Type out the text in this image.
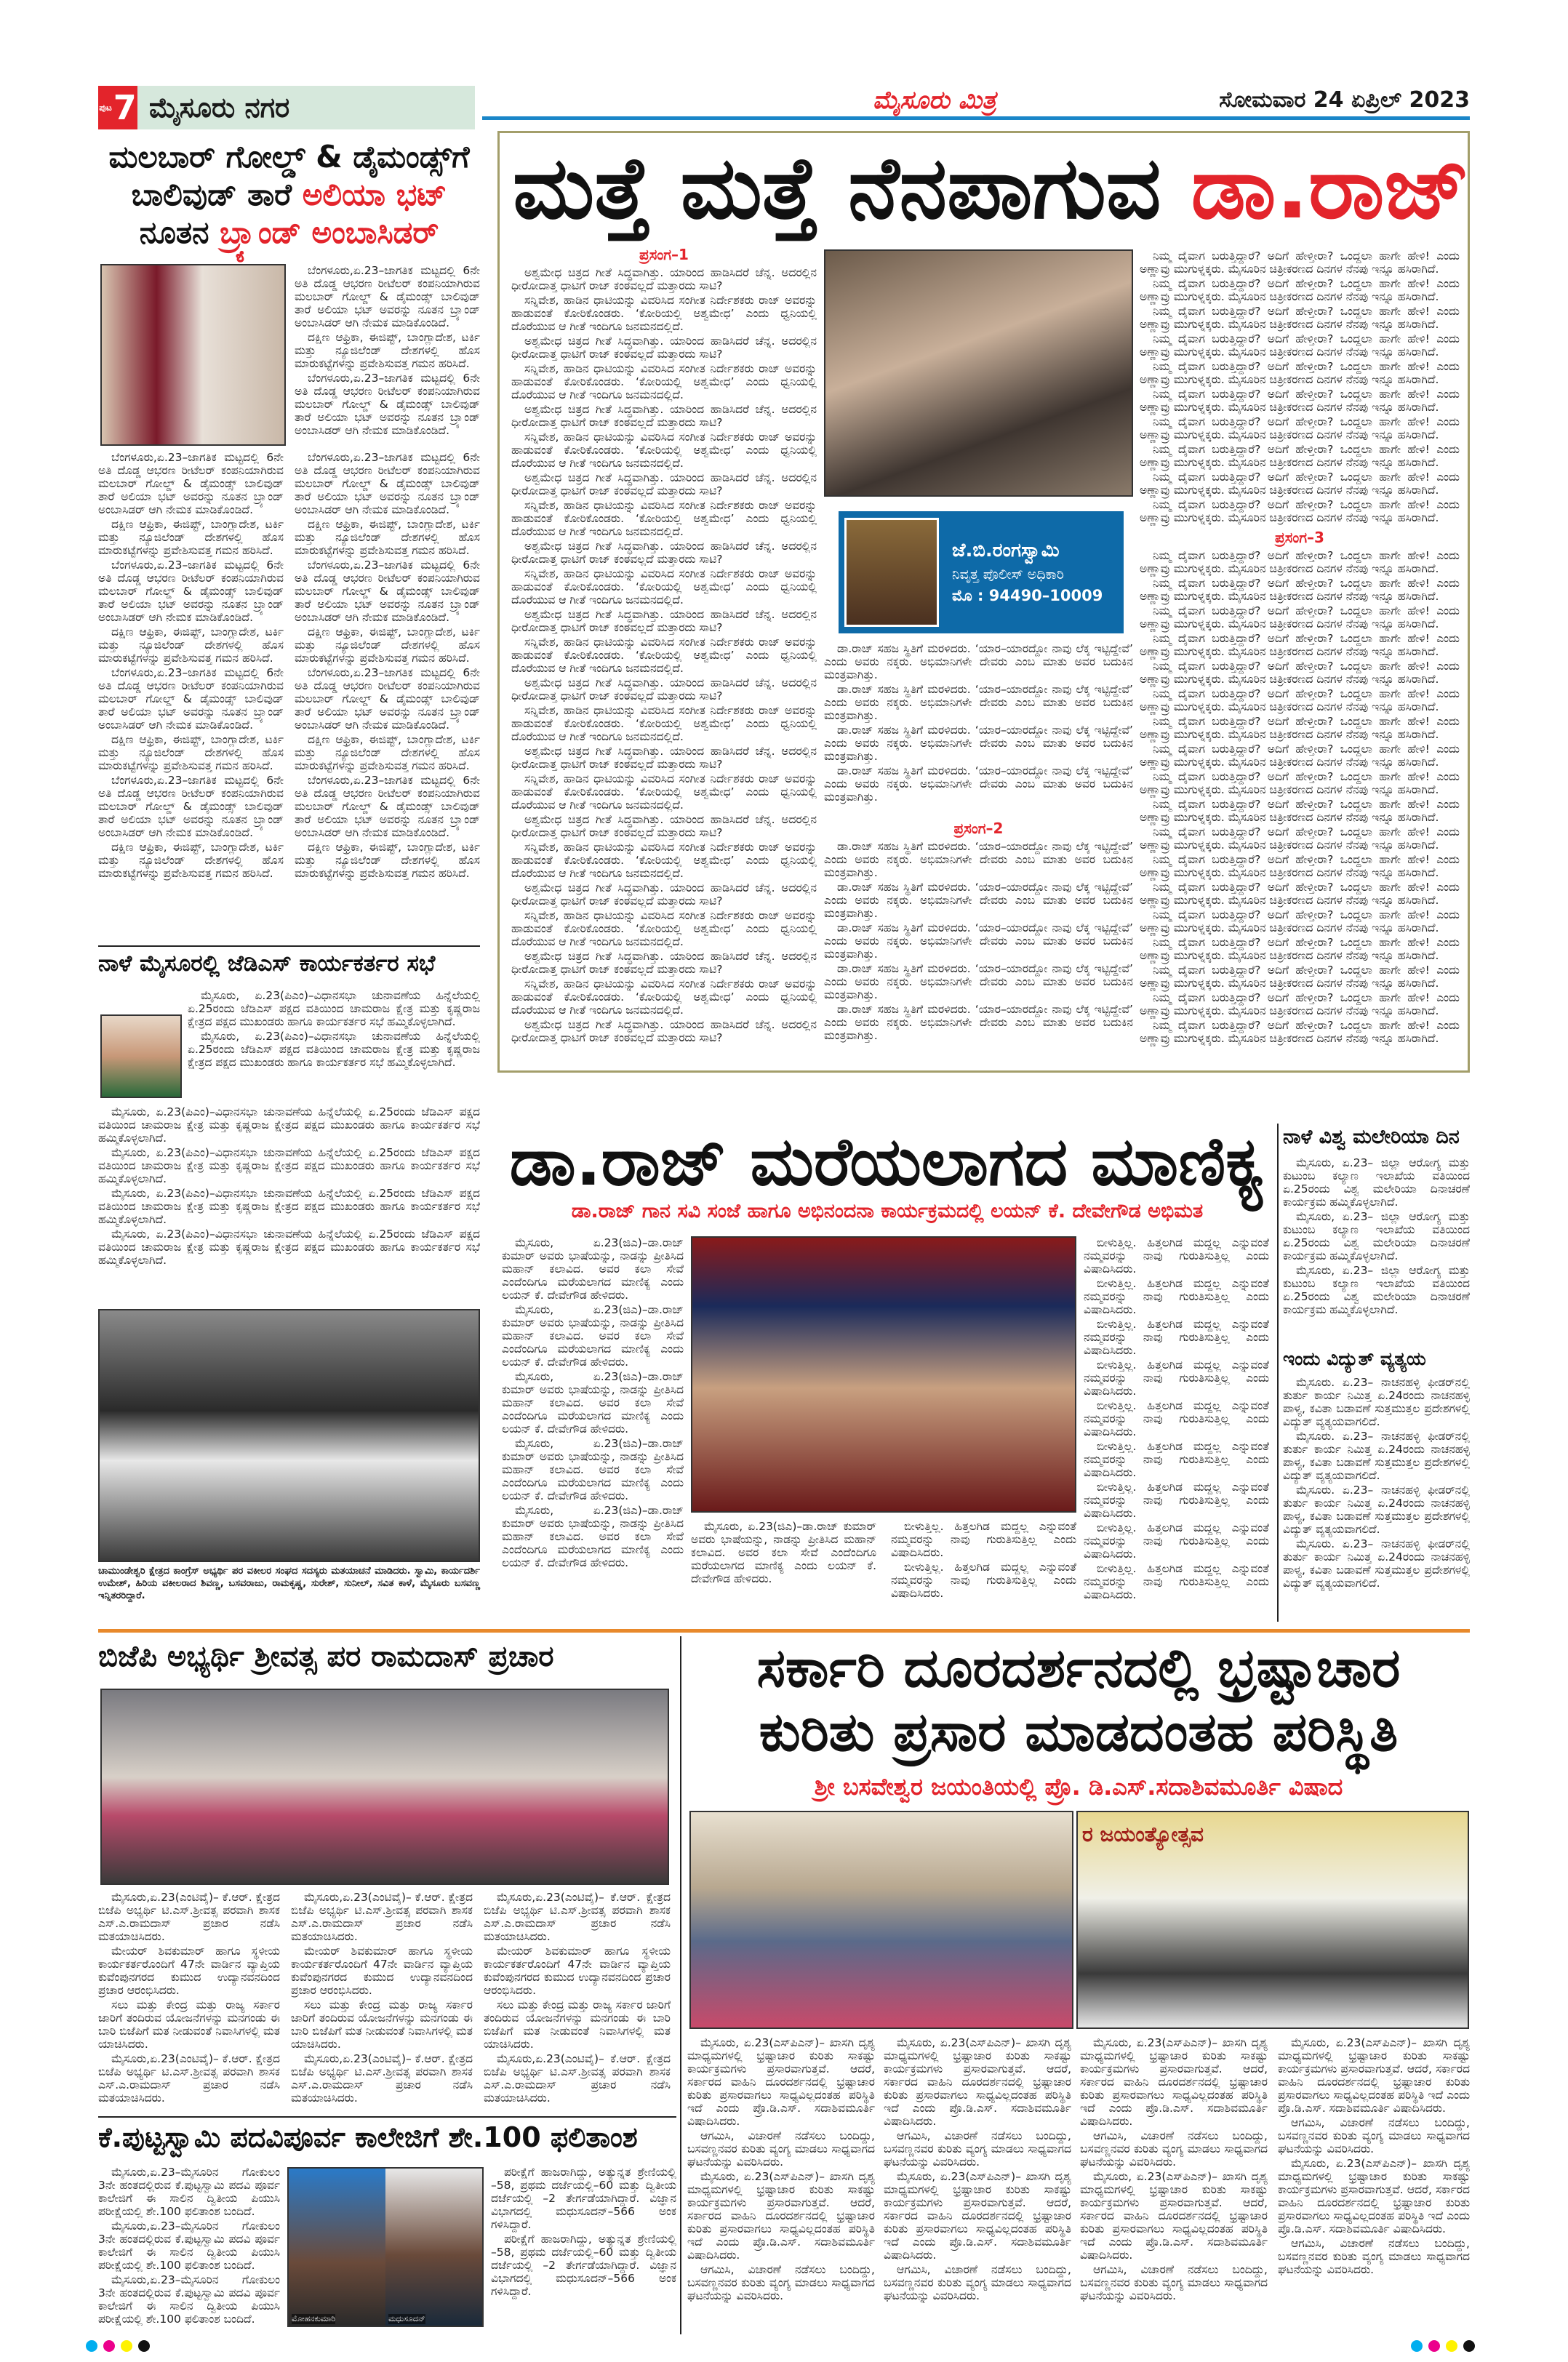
ಪುಟ 7 ಮೈಸೂರು ನಗರ	ಮೈಸೂರು ಮಿತ್ರ	ಸೋಮವಾರ 24 ಏಪ್ರಿಲ್ 2023
ಮತ್ತೆ ಮತ್ತೆ ನೆನಪಾಗುವ ಡಾ.ರಾಜ್
ಪ್ರಸಂಗ–1

ಅಶ್ವಮೇಧ ಚಿತ್ರದ ಗೀತೆ ಸಿದ್ಧವಾಗಿತ್ತು. ಯಾರಿಂದ ಹಾಡಿಸಿದರೆ ಚೆನ್ನ. ಅದರಲ್ಲಿನ ಧೀರೋದಾತ್ತ ಧಾಟಿಗೆ ರಾಜ್ ಕಂಠವಲ್ಲದೆ ಮತ್ತಾರದು ಸಾಟಿ?

ಸನ್ನಿವೇಶ, ಹಾಡಿನ ಧಾಟಿಯನ್ನು ವಿವರಿಸಿದ ಸಂಗೀತ ನಿರ್ದೇಶಕರು ರಾಜ್ ಅವರನ್ನು ಹಾಡುವಂತೆ ಕೋರಿಕೊಂಡರು. ‘ಕೋರಿಯಲ್ಲಿ ಅಶ್ವಮೇಧ’ ಎಂದು ಧ್ವನಿಯಲ್ಲಿ ದೊರೆಯುವ ಆ ಗೀತೆ ಇಂದಿಗೂ ಜನಮನದಲ್ಲಿದೆ.

ಅಶ್ವಮೇಧ ಚಿತ್ರದ ಗೀತೆ ಸಿದ್ಧವಾಗಿತ್ತು. ಯಾರಿಂದ ಹಾಡಿಸಿದರೆ ಚೆನ್ನ. ಅದರಲ್ಲಿನ ಧೀರೋದಾತ್ತ ಧಾಟಿಗೆ ರಾಜ್ ಕಂಠವಲ್ಲದೆ ಮತ್ತಾರದು ಸಾಟಿ?

ಸನ್ನಿವೇಶ, ಹಾಡಿನ ಧಾಟಿಯನ್ನು ವಿವರಿಸಿದ ಸಂಗೀತ ನಿರ್ದೇಶಕರು ರಾಜ್ ಅವರನ್ನು ಹಾಡುವಂತೆ ಕೋರಿಕೊಂಡರು. ‘ಕೋರಿಯಲ್ಲಿ ಅಶ್ವಮೇಧ’ ಎಂದು ಧ್ವನಿಯಲ್ಲಿ ದೊರೆಯುವ ಆ ಗೀತೆ ಇಂದಿಗೂ ಜನಮನದಲ್ಲಿದೆ.

ಅಶ್ವಮೇಧ ಚಿತ್ರದ ಗೀತೆ ಸಿದ್ಧವಾಗಿತ್ತು. ಯಾರಿಂದ ಹಾಡಿಸಿದರೆ ಚೆನ್ನ. ಅದರಲ್ಲಿನ ಧೀರೋದಾತ್ತ ಧಾಟಿಗೆ ರಾಜ್ ಕಂಠವಲ್ಲದೆ ಮತ್ತಾರದು ಸಾಟಿ?

ಸನ್ನಿವೇಶ, ಹಾಡಿನ ಧಾಟಿಯನ್ನು ವಿವರಿಸಿದ ಸಂಗೀತ ನಿರ್ದೇಶಕರು ರಾಜ್ ಅವರನ್ನು ಹಾಡುವಂತೆ ಕೋರಿಕೊಂಡರು. ‘ಕೋರಿಯಲ್ಲಿ ಅಶ್ವಮೇಧ’ ಎಂದು ಧ್ವನಿಯಲ್ಲಿ ದೊರೆಯುವ ಆ ಗೀತೆ ಇಂದಿಗೂ ಜನಮನದಲ್ಲಿದೆ.

ಅಶ್ವಮೇಧ ಚಿತ್ರದ ಗೀತೆ ಸಿದ್ಧವಾಗಿತ್ತು. ಯಾರಿಂದ ಹಾಡಿಸಿದರೆ ಚೆನ್ನ. ಅದರಲ್ಲಿನ ಧೀರೋದಾತ್ತ ಧಾಟಿಗೆ ರಾಜ್ ಕಂಠವಲ್ಲದೆ ಮತ್ತಾರದು ಸಾಟಿ?

ಸನ್ನಿವೇಶ, ಹಾಡಿನ ಧಾಟಿಯನ್ನು ವಿವರಿಸಿದ ಸಂಗೀತ ನಿರ್ದೇಶಕರು ರಾಜ್ ಅವರನ್ನು ಹಾಡುವಂತೆ ಕೋರಿಕೊಂಡರು. ‘ಕೋರಿಯಲ್ಲಿ ಅಶ್ವಮೇಧ’ ಎಂದು ಧ್ವನಿಯಲ್ಲಿ ದೊರೆಯುವ ಆ ಗೀತೆ ಇಂದಿಗೂ ಜನಮನದಲ್ಲಿದೆ.

ಅಶ್ವಮೇಧ ಚಿತ್ರದ ಗೀತೆ ಸಿದ್ಧವಾಗಿತ್ತು. ಯಾರಿಂದ ಹಾಡಿಸಿದರೆ ಚೆನ್ನ. ಅದರಲ್ಲಿನ ಧೀರೋದಾತ್ತ ಧಾಟಿಗೆ ರಾಜ್ ಕಂಠವಲ್ಲದೆ ಮತ್ತಾರದು ಸಾಟಿ?

ಸನ್ನಿವೇಶ, ಹಾಡಿನ ಧಾಟಿಯನ್ನು ವಿವರಿಸಿದ ಸಂಗೀತ ನಿರ್ದೇಶಕರು ರಾಜ್ ಅವರನ್ನು ಹಾಡುವಂತೆ ಕೋರಿಕೊಂಡರು. ‘ಕೋರಿಯಲ್ಲಿ ಅಶ್ವಮೇಧ’ ಎಂದು ಧ್ವನಿಯಲ್ಲಿ ದೊರೆಯುವ ಆ ಗೀತೆ ಇಂದಿಗೂ ಜನಮನದಲ್ಲಿದೆ.

ಅಶ್ವಮೇಧ ಚಿತ್ರದ ಗೀತೆ ಸಿದ್ಧವಾಗಿತ್ತು. ಯಾರಿಂದ ಹಾಡಿಸಿದರೆ ಚೆನ್ನ. ಅದರಲ್ಲಿನ ಧೀರೋದಾತ್ತ ಧಾಟಿಗೆ ರಾಜ್ ಕಂಠವಲ್ಲದೆ ಮತ್ತಾರದು ಸಾಟಿ?

ಸನ್ನಿವೇಶ, ಹಾಡಿನ ಧಾಟಿಯನ್ನು ವಿವರಿಸಿದ ಸಂಗೀತ ನಿರ್ದೇಶಕರು ರಾಜ್ ಅವರನ್ನು ಹಾಡುವಂತೆ ಕೋರಿಕೊಂಡರು. ‘ಕೋರಿಯಲ್ಲಿ ಅಶ್ವಮೇಧ’ ಎಂದು ಧ್ವನಿಯಲ್ಲಿ ದೊರೆಯುವ ಆ ಗೀತೆ ಇಂದಿಗೂ ಜನಮನದಲ್ಲಿದೆ.

ಅಶ್ವಮೇಧ ಚಿತ್ರದ ಗೀತೆ ಸಿದ್ಧವಾಗಿತ್ತು. ಯಾರಿಂದ ಹಾಡಿಸಿದರೆ ಚೆನ್ನ. ಅದರಲ್ಲಿನ ಧೀರೋದಾತ್ತ ಧಾಟಿಗೆ ರಾಜ್ ಕಂಠವಲ್ಲದೆ ಮತ್ತಾರದು ಸಾಟಿ?

ಸನ್ನಿವೇಶ, ಹಾಡಿನ ಧಾಟಿಯನ್ನು ವಿವರಿಸಿದ ಸಂಗೀತ ನಿರ್ದೇಶಕರು ರಾಜ್ ಅವರನ್ನು ಹಾಡುವಂತೆ ಕೋರಿಕೊಂಡರು. ‘ಕೋರಿಯಲ್ಲಿ ಅಶ್ವಮೇಧ’ ಎಂದು ಧ್ವನಿಯಲ್ಲಿ ದೊರೆಯುವ ಆ ಗೀತೆ ಇಂದಿಗೂ ಜನಮನದಲ್ಲಿದೆ.

ಅಶ್ವಮೇಧ ಚಿತ್ರದ ಗೀತೆ ಸಿದ್ಧವಾಗಿತ್ತು. ಯಾರಿಂದ ಹಾಡಿಸಿದರೆ ಚೆನ್ನ. ಅದರಲ್ಲಿನ ಧೀರೋದಾತ್ತ ಧಾಟಿಗೆ ರಾಜ್ ಕಂಠವಲ್ಲದೆ ಮತ್ತಾರದು ಸಾಟಿ?

ಸನ್ನಿವೇಶ, ಹಾಡಿನ ಧಾಟಿಯನ್ನು ವಿವರಿಸಿದ ಸಂಗೀತ ನಿರ್ದೇಶಕರು ರಾಜ್ ಅವರನ್ನು ಹಾಡುವಂತೆ ಕೋರಿಕೊಂಡರು. ‘ಕೋರಿಯಲ್ಲಿ ಅಶ್ವಮೇಧ’ ಎಂದು ಧ್ವನಿಯಲ್ಲಿ ದೊರೆಯುವ ಆ ಗೀತೆ ಇಂದಿಗೂ ಜನಮನದಲ್ಲಿದೆ.

ಅಶ್ವಮೇಧ ಚಿತ್ರದ ಗೀತೆ ಸಿದ್ಧವಾಗಿತ್ತು. ಯಾರಿಂದ ಹಾಡಿಸಿದರೆ ಚೆನ್ನ. ಅದರಲ್ಲಿನ ಧೀರೋದಾತ್ತ ಧಾಟಿಗೆ ರಾಜ್ ಕಂಠವಲ್ಲದೆ ಮತ್ತಾರದು ಸಾಟಿ?

ಸನ್ನಿವೇಶ, ಹಾಡಿನ ಧಾಟಿಯನ್ನು ವಿವರಿಸಿದ ಸಂಗೀತ ನಿರ್ದೇಶಕರು ರಾಜ್ ಅವರನ್ನು ಹಾಡುವಂತೆ ಕೋರಿಕೊಂಡರು. ‘ಕೋರಿಯಲ್ಲಿ ಅಶ್ವಮೇಧ’ ಎಂದು ಧ್ವನಿಯಲ್ಲಿ ದೊರೆಯುವ ಆ ಗೀತೆ ಇಂದಿಗೂ ಜನಮನದಲ್ಲಿದೆ.

ಅಶ್ವಮೇಧ ಚಿತ್ರದ ಗೀತೆ ಸಿದ್ಧವಾಗಿತ್ತು. ಯಾರಿಂದ ಹಾಡಿಸಿದರೆ ಚೆನ್ನ. ಅದರಲ್ಲಿನ ಧೀರೋದಾತ್ತ ಧಾಟಿಗೆ ರಾಜ್ ಕಂಠವಲ್ಲದೆ ಮತ್ತಾರದು ಸಾಟಿ?

ಸನ್ನಿವೇಶ, ಹಾಡಿನ ಧಾಟಿಯನ್ನು ವಿವರಿಸಿದ ಸಂಗೀತ ನಿರ್ದೇಶಕರು ರಾಜ್ ಅವರನ್ನು ಹಾಡುವಂತೆ ಕೋರಿಕೊಂಡರು. ‘ಕೋರಿಯಲ್ಲಿ ಅಶ್ವಮೇಧ’ ಎಂದು ಧ್ವನಿಯಲ್ಲಿ ದೊರೆಯುವ ಆ ಗೀತೆ ಇಂದಿಗೂ ಜನಮನದಲ್ಲಿದೆ.

ಅಶ್ವಮೇಧ ಚಿತ್ರದ ಗೀತೆ ಸಿದ್ಧವಾಗಿತ್ತು. ಯಾರಿಂದ ಹಾಡಿಸಿದರೆ ಚೆನ್ನ. ಅದರಲ್ಲಿನ ಧೀರೋದಾತ್ತ ಧಾಟಿಗೆ ರಾಜ್ ಕಂಠವಲ್ಲದೆ ಮತ್ತಾರದು ಸಾಟಿ?

ಸನ್ನಿವೇಶ, ಹಾಡಿನ ಧಾಟಿಯನ್ನು ವಿವರಿಸಿದ ಸಂಗೀತ ನಿರ್ದೇಶಕರು ರಾಜ್ ಅವರನ್ನು ಹಾಡುವಂತೆ ಕೋರಿಕೊಂಡರು. ‘ಕೋರಿಯಲ್ಲಿ ಅಶ್ವಮೇಧ’ ಎಂದು ಧ್ವನಿಯಲ್ಲಿ ದೊರೆಯುವ ಆ ಗೀತೆ ಇಂದಿಗೂ ಜನಮನದಲ್ಲಿದೆ.

ಅಶ್ವಮೇಧ ಚಿತ್ರದ ಗೀತೆ ಸಿದ್ಧವಾಗಿತ್ತು. ಯಾರಿಂದ ಹಾಡಿಸಿದರೆ ಚೆನ್ನ. ಅದರಲ್ಲಿನ ಧೀರೋದಾತ್ತ ಧಾಟಿಗೆ ರಾಜ್ ಕಂಠವಲ್ಲದೆ ಮತ್ತಾರದು ಸಾಟಿ?

ಜೆ.ಬಿ.ರಂಗಸ್ವಾಮಿ
ನಿವೃತ್ತ ಪೊಲೀಸ್ ಅಧಿಕಾರಿ
ಮೊ : 94490–10009

ಡಾ.ರಾಜ್ ಸಹಜ ಸ್ಥಿತಿಗೆ ಮರಳಿದರು. ‘ಯಾರ–ಯಾರದ್ದೋ ನಾವು ಲೆಕ್ಕ ಇಟ್ಟಿದ್ದೇವೆ’ ಎಂದು ಅವರು ನಕ್ಕರು. ಅಭಿಮಾನಿಗಳೇ ದೇವರು ಎಂಬ ಮಾತು ಅವರ ಬದುಕಿನ ಮಂತ್ರವಾಗಿತ್ತು.

ಡಾ.ರಾಜ್ ಸಹಜ ಸ್ಥಿತಿಗೆ ಮರಳಿದರು. ‘ಯಾರ–ಯಾರದ್ದೋ ನಾವು ಲೆಕ್ಕ ಇಟ್ಟಿದ್ದೇವೆ’ ಎಂದು ಅವರು ನಕ್ಕರು. ಅಭಿಮಾನಿಗಳೇ ದೇವರು ಎಂಬ ಮಾತು ಅವರ ಬದುಕಿನ ಮಂತ್ರವಾಗಿತ್ತು.

ಡಾ.ರಾಜ್ ಸಹಜ ಸ್ಥಿತಿಗೆ ಮರಳಿದರು. ‘ಯಾರ–ಯಾರದ್ದೋ ನಾವು ಲೆಕ್ಕ ಇಟ್ಟಿದ್ದೇವೆ’ ಎಂದು ಅವರು ನಕ್ಕರು. ಅಭಿಮಾನಿಗಳೇ ದೇವರು ಎಂಬ ಮಾತು ಅವರ ಬದುಕಿನ ಮಂತ್ರವಾಗಿತ್ತು.

ಡಾ.ರಾಜ್ ಸಹಜ ಸ್ಥಿತಿಗೆ ಮರಳಿದರು. ‘ಯಾರ–ಯಾರದ್ದೋ ನಾವು ಲೆಕ್ಕ ಇಟ್ಟಿದ್ದೇವೆ’ ಎಂದು ಅವರು ನಕ್ಕರು. ಅಭಿಮಾನಿಗಳೇ ದೇವರು ಎಂಬ ಮಾತು ಅವರ ಬದುಕಿನ ಮಂತ್ರವಾಗಿತ್ತು.

ಪ್ರಸಂಗ–2

ಡಾ.ರಾಜ್ ಸಹಜ ಸ್ಥಿತಿಗೆ ಮರಳಿದರು. ‘ಯಾರ–ಯಾರದ್ದೋ ನಾವು ಲೆಕ್ಕ ಇಟ್ಟಿದ್ದೇವೆ’ ಎಂದು ಅವರು ನಕ್ಕರು. ಅಭಿಮಾನಿಗಳೇ ದೇವರು ಎಂಬ ಮಾತು ಅವರ ಬದುಕಿನ ಮಂತ್ರವಾಗಿತ್ತು.

ಡಾ.ರಾಜ್ ಸಹಜ ಸ್ಥಿತಿಗೆ ಮರಳಿದರು. ‘ಯಾರ–ಯಾರದ್ದೋ ನಾವು ಲೆಕ್ಕ ಇಟ್ಟಿದ್ದೇವೆ’ ಎಂದು ಅವರು ನಕ್ಕರು. ಅಭಿಮಾನಿಗಳೇ ದೇವರು ಎಂಬ ಮಾತು ಅವರ ಬದುಕಿನ ಮಂತ್ರವಾಗಿತ್ತು.

ಡಾ.ರಾಜ್ ಸಹಜ ಸ್ಥಿತಿಗೆ ಮರಳಿದರು. ‘ಯಾರ–ಯಾರದ್ದೋ ನಾವು ಲೆಕ್ಕ ಇಟ್ಟಿದ್ದೇವೆ’ ಎಂದು ಅವರು ನಕ್ಕರು. ಅಭಿಮಾನಿಗಳೇ ದೇವರು ಎಂಬ ಮಾತು ಅವರ ಬದುಕಿನ ಮಂತ್ರವಾಗಿತ್ತು.

ಡಾ.ರಾಜ್ ಸಹಜ ಸ್ಥಿತಿಗೆ ಮರಳಿದರು. ‘ಯಾರ–ಯಾರದ್ದೋ ನಾವು ಲೆಕ್ಕ ಇಟ್ಟಿದ್ದೇವೆ’ ಎಂದು ಅವರು ನಕ್ಕರು. ಅಭಿಮಾನಿಗಳೇ ದೇವರು ಎಂಬ ಮಾತು ಅವರ ಬದುಕಿನ ಮಂತ್ರವಾಗಿತ್ತು.

ಡಾ.ರಾಜ್ ಸಹಜ ಸ್ಥಿತಿಗೆ ಮರಳಿದರು. ‘ಯಾರ–ಯಾರದ್ದೋ ನಾವು ಲೆಕ್ಕ ಇಟ್ಟಿದ್ದೇವೆ’ ಎಂದು ಅವರು ನಕ್ಕರು. ಅಭಿಮಾನಿಗಳೇ ದೇವರು ಎಂಬ ಮಾತು ಅವರ ಬದುಕಿನ ಮಂತ್ರವಾಗಿತ್ತು.

ನಿಮ್ಮ ದೈವಾಗ ಬರುತ್ತಿದ್ದಾರೆ? ಅದಿಗೆ ಹೇಳ್ತೀರಾ? ಒಂದ್ದಲಾ ಹಾಗೇ ಹೇಳಿ! ಎಂದು ಅಣ್ಣಾವ್ರು ಮುಗುಳ್ನಕ್ಕರು. ಮೈಸೂರಿನ ಚಿತ್ರೀಕರಣದ ದಿನಗಳ ನೆನಪು ಇನ್ನೂ ಹಸಿರಾಗಿದೆ.

ನಿಮ್ಮ ದೈವಾಗ ಬರುತ್ತಿದ್ದಾರೆ? ಅದಿಗೆ ಹೇಳ್ತೀರಾ? ಒಂದ್ದಲಾ ಹಾಗೇ ಹೇಳಿ! ಎಂದು ಅಣ್ಣಾವ್ರು ಮುಗುಳ್ನಕ್ಕರು. ಮೈಸೂರಿನ ಚಿತ್ರೀಕರಣದ ದಿನಗಳ ನೆನಪು ಇನ್ನೂ ಹಸಿರಾಗಿದೆ.

ನಿಮ್ಮ ದೈವಾಗ ಬರುತ್ತಿದ್ದಾರೆ? ಅದಿಗೆ ಹೇಳ್ತೀರಾ? ಒಂದ್ದಲಾ ಹಾಗೇ ಹೇಳಿ! ಎಂದು ಅಣ್ಣಾವ್ರು ಮುಗುಳ್ನಕ್ಕರು. ಮೈಸೂರಿನ ಚಿತ್ರೀಕರಣದ ದಿನಗಳ ನೆನಪು ಇನ್ನೂ ಹಸಿರಾಗಿದೆ.

ನಿಮ್ಮ ದೈವಾಗ ಬರುತ್ತಿದ್ದಾರೆ? ಅದಿಗೆ ಹೇಳ್ತೀರಾ? ಒಂದ್ದಲಾ ಹಾಗೇ ಹೇಳಿ! ಎಂದು ಅಣ್ಣಾವ್ರು ಮುಗುಳ್ನಕ್ಕರು. ಮೈಸೂರಿನ ಚಿತ್ರೀಕರಣದ ದಿನಗಳ ನೆನಪು ಇನ್ನೂ ಹಸಿರಾಗಿದೆ.

ನಿಮ್ಮ ದೈವಾಗ ಬರುತ್ತಿದ್ದಾರೆ? ಅದಿಗೆ ಹೇಳ್ತೀರಾ? ಒಂದ್ದಲಾ ಹಾಗೇ ಹೇಳಿ! ಎಂದು ಅಣ್ಣಾವ್ರು ಮುಗುಳ್ನಕ್ಕರು. ಮೈಸೂರಿನ ಚಿತ್ರೀಕರಣದ ದಿನಗಳ ನೆನಪು ಇನ್ನೂ ಹಸಿರಾಗಿದೆ.

ನಿಮ್ಮ ದೈವಾಗ ಬರುತ್ತಿದ್ದಾರೆ? ಅದಿಗೆ ಹೇಳ್ತೀರಾ? ಒಂದ್ದಲಾ ಹಾಗೇ ಹೇಳಿ! ಎಂದು ಅಣ್ಣಾವ್ರು ಮುಗುಳ್ನಕ್ಕರು. ಮೈಸೂರಿನ ಚಿತ್ರೀಕರಣದ ದಿನಗಳ ನೆನಪು ಇನ್ನೂ ಹಸಿರಾಗಿದೆ.

ನಿಮ್ಮ ದೈವಾಗ ಬರುತ್ತಿದ್ದಾರೆ? ಅದಿಗೆ ಹೇಳ್ತೀರಾ? ಒಂದ್ದಲಾ ಹಾಗೇ ಹೇಳಿ! ಎಂದು ಅಣ್ಣಾವ್ರು ಮುಗುಳ್ನಕ್ಕರು. ಮೈಸೂರಿನ ಚಿತ್ರೀಕರಣದ ದಿನಗಳ ನೆನಪು ಇನ್ನೂ ಹಸಿರಾಗಿದೆ.

ನಿಮ್ಮ ದೈವಾಗ ಬರುತ್ತಿದ್ದಾರೆ? ಅದಿಗೆ ಹೇಳ್ತೀರಾ? ಒಂದ್ದಲಾ ಹಾಗೇ ಹೇಳಿ! ಎಂದು ಅಣ್ಣಾವ್ರು ಮುಗುಳ್ನಕ್ಕರು. ಮೈಸೂರಿನ ಚಿತ್ರೀಕರಣದ ದಿನಗಳ ನೆನಪು ಇನ್ನೂ ಹಸಿರಾಗಿದೆ.

ನಿಮ್ಮ ದೈವಾಗ ಬರುತ್ತಿದ್ದಾರೆ? ಅದಿಗೆ ಹೇಳ್ತೀರಾ? ಒಂದ್ದಲಾ ಹಾಗೇ ಹೇಳಿ! ಎಂದು ಅಣ್ಣಾವ್ರು ಮುಗುಳ್ನಕ್ಕರು. ಮೈಸೂರಿನ ಚಿತ್ರೀಕರಣದ ದಿನಗಳ ನೆನಪು ಇನ್ನೂ ಹಸಿರಾಗಿದೆ.

ನಿಮ್ಮ ದೈವಾಗ ಬರುತ್ತಿದ್ದಾರೆ? ಅದಿಗೆ ಹೇಳ್ತೀರಾ? ಒಂದ್ದಲಾ ಹಾಗೇ ಹೇಳಿ! ಎಂದು ಅಣ್ಣಾವ್ರು ಮುಗುಳ್ನಕ್ಕರು. ಮೈಸೂರಿನ ಚಿತ್ರೀಕರಣದ ದಿನಗಳ ನೆನಪು ಇನ್ನೂ ಹಸಿರಾಗಿದೆ.

ಪ್ರಸಂಗ–3

ನಿಮ್ಮ ದೈವಾಗ ಬರುತ್ತಿದ್ದಾರೆ? ಅದಿಗೆ ಹೇಳ್ತೀರಾ? ಒಂದ್ದಲಾ ಹಾಗೇ ಹೇಳಿ! ಎಂದು ಅಣ್ಣಾವ್ರು ಮುಗುಳ್ನಕ್ಕರು. ಮೈಸೂರಿನ ಚಿತ್ರೀಕರಣದ ದಿನಗಳ ನೆನಪು ಇನ್ನೂ ಹಸಿರಾಗಿದೆ.

ನಿಮ್ಮ ದೈವಾಗ ಬರುತ್ತಿದ್ದಾರೆ? ಅದಿಗೆ ಹೇಳ್ತೀರಾ? ಒಂದ್ದಲಾ ಹಾಗೇ ಹೇಳಿ! ಎಂದು ಅಣ್ಣಾವ್ರು ಮುಗುಳ್ನಕ್ಕರು. ಮೈಸೂರಿನ ಚಿತ್ರೀಕರಣದ ದಿನಗಳ ನೆನಪು ಇನ್ನೂ ಹಸಿರಾಗಿದೆ.

ನಿಮ್ಮ ದೈವಾಗ ಬರುತ್ತಿದ್ದಾರೆ? ಅದಿಗೆ ಹೇಳ್ತೀರಾ? ಒಂದ್ದಲಾ ಹಾಗೇ ಹೇಳಿ! ಎಂದು ಅಣ್ಣಾವ್ರು ಮುಗುಳ್ನಕ್ಕರು. ಮೈಸೂರಿನ ಚಿತ್ರೀಕರಣದ ದಿನಗಳ ನೆನಪು ಇನ್ನೂ ಹಸಿರಾಗಿದೆ.

ನಿಮ್ಮ ದೈವಾಗ ಬರುತ್ತಿದ್ದಾರೆ? ಅದಿಗೆ ಹೇಳ್ತೀರಾ? ಒಂದ್ದಲಾ ಹಾಗೇ ಹೇಳಿ! ಎಂದು ಅಣ್ಣಾವ್ರು ಮುಗುಳ್ನಕ್ಕರು. ಮೈಸೂರಿನ ಚಿತ್ರೀಕರಣದ ದಿನಗಳ ನೆನಪು ಇನ್ನೂ ಹಸಿರಾಗಿದೆ.

ನಿಮ್ಮ ದೈವಾಗ ಬರುತ್ತಿದ್ದಾರೆ? ಅದಿಗೆ ಹೇಳ್ತೀರಾ? ಒಂದ್ದಲಾ ಹಾಗೇ ಹೇಳಿ! ಎಂದು ಅಣ್ಣಾವ್ರು ಮುಗುಳ್ನಕ್ಕರು. ಮೈಸೂರಿನ ಚಿತ್ರೀಕರಣದ ದಿನಗಳ ನೆನಪು ಇನ್ನೂ ಹಸಿರಾಗಿದೆ.

ನಿಮ್ಮ ದೈವಾಗ ಬರುತ್ತಿದ್ದಾರೆ? ಅದಿಗೆ ಹೇಳ್ತೀರಾ? ಒಂದ್ದಲಾ ಹಾಗೇ ಹೇಳಿ! ಎಂದು ಅಣ್ಣಾವ್ರು ಮುಗುಳ್ನಕ್ಕರು. ಮೈಸೂರಿನ ಚಿತ್ರೀಕರಣದ ದಿನಗಳ ನೆನಪು ಇನ್ನೂ ಹಸಿರಾಗಿದೆ.

ನಿಮ್ಮ ದೈವಾಗ ಬರುತ್ತಿದ್ದಾರೆ? ಅದಿಗೆ ಹೇಳ್ತೀರಾ? ಒಂದ್ದಲಾ ಹಾಗೇ ಹೇಳಿ! ಎಂದು ಅಣ್ಣಾವ್ರು ಮುಗುಳ್ನಕ್ಕರು. ಮೈಸೂರಿನ ಚಿತ್ರೀಕರಣದ ದಿನಗಳ ನೆನಪು ಇನ್ನೂ ಹಸಿರಾಗಿದೆ.

ನಿಮ್ಮ ದೈವಾಗ ಬರುತ್ತಿದ್ದಾರೆ? ಅದಿಗೆ ಹೇಳ್ತೀರಾ? ಒಂದ್ದಲಾ ಹಾಗೇ ಹೇಳಿ! ಎಂದು ಅಣ್ಣಾವ್ರು ಮುಗುಳ್ನಕ್ಕರು. ಮೈಸೂರಿನ ಚಿತ್ರೀಕರಣದ ದಿನಗಳ ನೆನಪು ಇನ್ನೂ ಹಸಿರಾಗಿದೆ.

ನಿಮ್ಮ ದೈವಾಗ ಬರುತ್ತಿದ್ದಾರೆ? ಅದಿಗೆ ಹೇಳ್ತೀರಾ? ಒಂದ್ದಲಾ ಹಾಗೇ ಹೇಳಿ! ಎಂದು ಅಣ್ಣಾವ್ರು ಮುಗುಳ್ನಕ್ಕರು. ಮೈಸೂರಿನ ಚಿತ್ರೀಕರಣದ ದಿನಗಳ ನೆನಪು ಇನ್ನೂ ಹಸಿರಾಗಿದೆ.

ನಿಮ್ಮ ದೈವಾಗ ಬರುತ್ತಿದ್ದಾರೆ? ಅದಿಗೆ ಹೇಳ್ತೀರಾ? ಒಂದ್ದಲಾ ಹಾಗೇ ಹೇಳಿ! ಎಂದು ಅಣ್ಣಾವ್ರು ಮುಗುಳ್ನಕ್ಕರು. ಮೈಸೂರಿನ ಚಿತ್ರೀಕರಣದ ದಿನಗಳ ನೆನಪು ಇನ್ನೂ ಹಸಿರಾಗಿದೆ.

ನಿಮ್ಮ ದೈವಾಗ ಬರುತ್ತಿದ್ದಾರೆ? ಅದಿಗೆ ಹೇಳ್ತೀರಾ? ಒಂದ್ದಲಾ ಹಾಗೇ ಹೇಳಿ! ಎಂದು ಅಣ್ಣಾವ್ರು ಮುಗುಳ್ನಕ್ಕರು. ಮೈಸೂರಿನ ಚಿತ್ರೀಕರಣದ ದಿನಗಳ ನೆನಪು ಇನ್ನೂ ಹಸಿರಾಗಿದೆ.

ನಿಮ್ಮ ದೈವಾಗ ಬರುತ್ತಿದ್ದಾರೆ? ಅದಿಗೆ ಹೇಳ್ತೀರಾ? ಒಂದ್ದಲಾ ಹಾಗೇ ಹೇಳಿ! ಎಂದು ಅಣ್ಣಾವ್ರು ಮುಗುಳ್ನಕ್ಕರು. ಮೈಸೂರಿನ ಚಿತ್ರೀಕರಣದ ದಿನಗಳ ನೆನಪು ಇನ್ನೂ ಹಸಿರಾಗಿದೆ.

ನಿಮ್ಮ ದೈವಾಗ ಬರುತ್ತಿದ್ದಾರೆ? ಅದಿಗೆ ಹೇಳ್ತೀರಾ? ಒಂದ್ದಲಾ ಹಾಗೇ ಹೇಳಿ! ಎಂದು ಅಣ್ಣಾವ್ರು ಮುಗುಳ್ನಕ್ಕರು. ಮೈಸೂರಿನ ಚಿತ್ರೀಕರಣದ ದಿನಗಳ ನೆನಪು ಇನ್ನೂ ಹಸಿರಾಗಿದೆ.

ನಿಮ್ಮ ದೈವಾಗ ಬರುತ್ತಿದ್ದಾರೆ? ಅದಿಗೆ ಹೇಳ್ತೀರಾ? ಒಂದ್ದಲಾ ಹಾಗೇ ಹೇಳಿ! ಎಂದು ಅಣ್ಣಾವ್ರು ಮುಗುಳ್ನಕ್ಕರು. ಮೈಸೂರಿನ ಚಿತ್ರೀಕರಣದ ದಿನಗಳ ನೆನಪು ಇನ್ನೂ ಹಸಿರಾಗಿದೆ.

ನಿಮ್ಮ ದೈವಾಗ ಬರುತ್ತಿದ್ದಾರೆ? ಅದಿಗೆ ಹೇಳ್ತೀರಾ? ಒಂದ್ದಲಾ ಹಾಗೇ ಹೇಳಿ! ಎಂದು ಅಣ್ಣಾವ್ರು ಮುಗುಳ್ನಕ್ಕರು. ಮೈಸೂರಿನ ಚಿತ್ರೀಕರಣದ ದಿನಗಳ ನೆನಪು ಇನ್ನೂ ಹಸಿರಾಗಿದೆ.

ನಿಮ್ಮ ದೈವಾಗ ಬರುತ್ತಿದ್ದಾರೆ? ಅದಿಗೆ ಹೇಳ್ತೀರಾ? ಒಂದ್ದಲಾ ಹಾಗೇ ಹೇಳಿ! ಎಂದು ಅಣ್ಣಾವ್ರು ಮುಗುಳ್ನಕ್ಕರು. ಮೈಸೂರಿನ ಚಿತ್ರೀಕರಣದ ದಿನಗಳ ನೆನಪು ಇನ್ನೂ ಹಸಿರಾಗಿದೆ.

ನಿಮ್ಮ ದೈವಾಗ ಬರುತ್ತಿದ್ದಾರೆ? ಅದಿಗೆ ಹೇಳ್ತೀರಾ? ಒಂದ್ದಲಾ ಹಾಗೇ ಹೇಳಿ! ಎಂದು ಅಣ್ಣಾವ್ರು ಮುಗುಳ್ನಕ್ಕರು. ಮೈಸೂರಿನ ಚಿತ್ರೀಕರಣದ ದಿನಗಳ ನೆನಪು ಇನ್ನೂ ಹಸಿರಾಗಿದೆ.

ನಿಮ್ಮ ದೈವಾಗ ಬರುತ್ತಿದ್ದಾರೆ? ಅದಿಗೆ ಹೇಳ್ತೀರಾ? ಒಂದ್ದಲಾ ಹಾಗೇ ಹೇಳಿ! ಎಂದು ಅಣ್ಣಾವ್ರು ಮುಗುಳ್ನಕ್ಕರು. ಮೈಸೂರಿನ ಚಿತ್ರೀಕರಣದ ದಿನಗಳ ನೆನಪು ಇನ್ನೂ ಹಸಿರಾಗಿದೆ.

ಮಲಬಾರ್ ಗೋಲ್ಡ್ & ಡೈಮಂಡ್ಸ್‌ಗೆ
ಬಾಲಿವುಡ್ ತಾರೆ ಅಲಿಯಾ ಭಟ್
ನೂತನ ಬ್ರ್ಯಾಂಡ್ ಅಂಬಾಸಿಡರ್

ಬೆಂಗಳೂರು,ಏ.23–ಜಾಗತಿಕ ಮಟ್ಟದಲ್ಲಿ 6ನೇ ಅತಿ ದೊಡ್ಡ ಆಭರಣ ರೀಟೆಲರ್ ಕಂಪನಿಯಾಗಿರುವ ಮಲಬಾರ್ ಗೋಲ್ಡ್ & ಡೈಮಂಡ್ಸ್ ಬಾಲಿವುಡ್ ತಾರೆ ಅಲಿಯಾ ಭಟ್ ಅವರನ್ನು ನೂತನ ಬ್ರ್ಯಾಂಡ್ ಅಂಬಾಸಿಡರ್ ಆಗಿ ನೇಮಕ ಮಾಡಿಕೊಂಡಿದೆ.

ದಕ್ಷಿಣ ಆಫ್ರಿಕಾ, ಈಜಿಪ್ಟ್, ಬಾಂಗ್ಲಾದೇಶ, ಟರ್ಕಿ ಮತ್ತು ನ್ಯೂಜಿಲೆಂಡ್ ದೇಶಗಳಲ್ಲಿ ಹೊಸ ಮಾರುಕಟ್ಟೆಗಳನ್ನು ಪ್ರವೇಶಿಸುವತ್ತ ಗಮನ ಹರಿಸಿದೆ.

ಬೆಂಗಳೂರು,ಏ.23–ಜಾಗತಿಕ ಮಟ್ಟದಲ್ಲಿ 6ನೇ ಅತಿ ದೊಡ್ಡ ಆಭರಣ ರೀಟೆಲರ್ ಕಂಪನಿಯಾಗಿರುವ ಮಲಬಾರ್ ಗೋಲ್ಡ್ & ಡೈಮಂಡ್ಸ್ ಬಾಲಿವುಡ್ ತಾರೆ ಅಲಿಯಾ ಭಟ್ ಅವರನ್ನು ನೂತನ ಬ್ರ್ಯಾಂಡ್ ಅಂಬಾಸಿಡರ್ ಆಗಿ ನೇಮಕ ಮಾಡಿಕೊಂಡಿದೆ.

ಬೆಂಗಳೂರು,ಏ.23–ಜಾಗತಿಕ ಮಟ್ಟದಲ್ಲಿ 6ನೇ ಅತಿ ದೊಡ್ಡ ಆಭರಣ ರೀಟೆಲರ್ ಕಂಪನಿಯಾಗಿರುವ ಮಲಬಾರ್ ಗೋಲ್ಡ್ & ಡೈಮಂಡ್ಸ್ ಬಾಲಿವುಡ್ ತಾರೆ ಅಲಿಯಾ ಭಟ್ ಅವರನ್ನು ನೂತನ ಬ್ರ್ಯಾಂಡ್ ಅಂಬಾಸಿಡರ್ ಆಗಿ ನೇಮಕ ಮಾಡಿಕೊಂಡಿದೆ.

ದಕ್ಷಿಣ ಆಫ್ರಿಕಾ, ಈಜಿಪ್ಟ್, ಬಾಂಗ್ಲಾದೇಶ, ಟರ್ಕಿ ಮತ್ತು ನ್ಯೂಜಿಲೆಂಡ್ ದೇಶಗಳಲ್ಲಿ ಹೊಸ ಮಾರುಕಟ್ಟೆಗಳನ್ನು ಪ್ರವೇಶಿಸುವತ್ತ ಗಮನ ಹರಿಸಿದೆ.

ಬೆಂಗಳೂರು,ಏ.23–ಜಾಗತಿಕ ಮಟ್ಟದಲ್ಲಿ 6ನೇ ಅತಿ ದೊಡ್ಡ ಆಭರಣ ರೀಟೆಲರ್ ಕಂಪನಿಯಾಗಿರುವ ಮಲಬಾರ್ ಗೋಲ್ಡ್ & ಡೈಮಂಡ್ಸ್ ಬಾಲಿವುಡ್ ತಾರೆ ಅಲಿಯಾ ಭಟ್ ಅವರನ್ನು ನೂತನ ಬ್ರ್ಯಾಂಡ್ ಅಂಬಾಸಿಡರ್ ಆಗಿ ನೇಮಕ ಮಾಡಿಕೊಂಡಿದೆ.

ದಕ್ಷಿಣ ಆಫ್ರಿಕಾ, ಈಜಿಪ್ಟ್, ಬಾಂಗ್ಲಾದೇಶ, ಟರ್ಕಿ ಮತ್ತು ನ್ಯೂಜಿಲೆಂಡ್ ದೇಶಗಳಲ್ಲಿ ಹೊಸ ಮಾರುಕಟ್ಟೆಗಳನ್ನು ಪ್ರವೇಶಿಸುವತ್ತ ಗಮನ ಹರಿಸಿದೆ.

ಬೆಂಗಳೂರು,ಏ.23–ಜಾಗತಿಕ ಮಟ್ಟದಲ್ಲಿ 6ನೇ ಅತಿ ದೊಡ್ಡ ಆಭರಣ ರೀಟೆಲರ್ ಕಂಪನಿಯಾಗಿರುವ ಮಲಬಾರ್ ಗೋಲ್ಡ್ & ಡೈಮಂಡ್ಸ್ ಬಾಲಿವುಡ್ ತಾರೆ ಅಲಿಯಾ ಭಟ್ ಅವರನ್ನು ನೂತನ ಬ್ರ್ಯಾಂಡ್ ಅಂಬಾಸಿಡರ್ ಆಗಿ ನೇಮಕ ಮಾಡಿಕೊಂಡಿದೆ.

ದಕ್ಷಿಣ ಆಫ್ರಿಕಾ, ಈಜಿಪ್ಟ್, ಬಾಂಗ್ಲಾದೇಶ, ಟರ್ಕಿ ಮತ್ತು ನ್ಯೂಜಿಲೆಂಡ್ ದೇಶಗಳಲ್ಲಿ ಹೊಸ ಮಾರುಕಟ್ಟೆಗಳನ್ನು ಪ್ರವೇಶಿಸುವತ್ತ ಗಮನ ಹರಿಸಿದೆ.

ಬೆಂಗಳೂರು,ಏ.23–ಜಾಗತಿಕ ಮಟ್ಟದಲ್ಲಿ 6ನೇ ಅತಿ ದೊಡ್ಡ ಆಭರಣ ರೀಟೆಲರ್ ಕಂಪನಿಯಾಗಿರುವ ಮಲಬಾರ್ ಗೋಲ್ಡ್ & ಡೈಮಂಡ್ಸ್ ಬಾಲಿವುಡ್ ತಾರೆ ಅಲಿಯಾ ಭಟ್ ಅವರನ್ನು ನೂತನ ಬ್ರ್ಯಾಂಡ್ ಅಂಬಾಸಿಡರ್ ಆಗಿ ನೇಮಕ ಮಾಡಿಕೊಂಡಿದೆ.

ದಕ್ಷಿಣ ಆಫ್ರಿಕಾ, ಈಜಿಪ್ಟ್, ಬಾಂಗ್ಲಾದೇಶ, ಟರ್ಕಿ ಮತ್ತು ನ್ಯೂಜಿಲೆಂಡ್ ದೇಶಗಳಲ್ಲಿ ಹೊಸ ಮಾರುಕಟ್ಟೆಗಳನ್ನು ಪ್ರವೇಶಿಸುವತ್ತ ಗಮನ ಹರಿಸಿದೆ.

ಬೆಂಗಳೂರು,ಏ.23–ಜಾಗತಿಕ ಮಟ್ಟದಲ್ಲಿ 6ನೇ ಅತಿ ದೊಡ್ಡ ಆಭರಣ ರೀಟೆಲರ್ ಕಂಪನಿಯಾಗಿರುವ ಮಲಬಾರ್ ಗೋಲ್ಡ್ & ಡೈಮಂಡ್ಸ್ ಬಾಲಿವುಡ್ ತಾರೆ ಅಲಿಯಾ ಭಟ್ ಅವರನ್ನು ನೂತನ ಬ್ರ್ಯಾಂಡ್ ಅಂಬಾಸಿಡರ್ ಆಗಿ ನೇಮಕ ಮಾಡಿಕೊಂಡಿದೆ.

ದಕ್ಷಿಣ ಆಫ್ರಿಕಾ, ಈಜಿಪ್ಟ್, ಬಾಂಗ್ಲಾದೇಶ, ಟರ್ಕಿ ಮತ್ತು ನ್ಯೂಜಿಲೆಂಡ್ ದೇಶಗಳಲ್ಲಿ ಹೊಸ ಮಾರುಕಟ್ಟೆಗಳನ್ನು ಪ್ರವೇಶಿಸುವತ್ತ ಗಮನ ಹರಿಸಿದೆ.

ಬೆಂಗಳೂರು,ಏ.23–ಜಾಗತಿಕ ಮಟ್ಟದಲ್ಲಿ 6ನೇ ಅತಿ ದೊಡ್ಡ ಆಭರಣ ರೀಟೆಲರ್ ಕಂಪನಿಯಾಗಿರುವ ಮಲಬಾರ್ ಗೋಲ್ಡ್ & ಡೈಮಂಡ್ಸ್ ಬಾಲಿವುಡ್ ತಾರೆ ಅಲಿಯಾ ಭಟ್ ಅವರನ್ನು ನೂತನ ಬ್ರ್ಯಾಂಡ್ ಅಂಬಾಸಿಡರ್ ಆಗಿ ನೇಮಕ ಮಾಡಿಕೊಂಡಿದೆ.

ದಕ್ಷಿಣ ಆಫ್ರಿಕಾ, ಈಜಿಪ್ಟ್, ಬಾಂಗ್ಲಾದೇಶ, ಟರ್ಕಿ ಮತ್ತು ನ್ಯೂಜಿಲೆಂಡ್ ದೇಶಗಳಲ್ಲಿ ಹೊಸ ಮಾರುಕಟ್ಟೆಗಳನ್ನು ಪ್ರವೇಶಿಸುವತ್ತ ಗಮನ ಹರಿಸಿದೆ.

ಬೆಂಗಳೂರು,ಏ.23–ಜಾಗತಿಕ ಮಟ್ಟದಲ್ಲಿ 6ನೇ ಅತಿ ದೊಡ್ಡ ಆಭರಣ ರೀಟೆಲರ್ ಕಂಪನಿಯಾಗಿರುವ ಮಲಬಾರ್ ಗೋಲ್ಡ್ & ಡೈಮಂಡ್ಸ್ ಬಾಲಿವುಡ್ ತಾರೆ ಅಲಿಯಾ ಭಟ್ ಅವರನ್ನು ನೂತನ ಬ್ರ್ಯಾಂಡ್ ಅಂಬಾಸಿಡರ್ ಆಗಿ ನೇಮಕ ಮಾಡಿಕೊಂಡಿದೆ.

ದಕ್ಷಿಣ ಆಫ್ರಿಕಾ, ಈಜಿಪ್ಟ್, ಬಾಂಗ್ಲಾದೇಶ, ಟರ್ಕಿ ಮತ್ತು ನ್ಯೂಜಿಲೆಂಡ್ ದೇಶಗಳಲ್ಲಿ ಹೊಸ ಮಾರುಕಟ್ಟೆಗಳನ್ನು ಪ್ರವೇಶಿಸುವತ್ತ ಗಮನ ಹರಿಸಿದೆ.

ಬೆಂಗಳೂರು,ಏ.23–ಜಾಗತಿಕ ಮಟ್ಟದಲ್ಲಿ 6ನೇ ಅತಿ ದೊಡ್ಡ ಆಭರಣ ರೀಟೆಲರ್ ಕಂಪನಿಯಾಗಿರುವ ಮಲಬಾರ್ ಗೋಲ್ಡ್ & ಡೈಮಂಡ್ಸ್ ಬಾಲಿವುಡ್ ತಾರೆ ಅಲಿಯಾ ಭಟ್ ಅವರನ್ನು ನೂತನ ಬ್ರ್ಯಾಂಡ್ ಅಂಬಾಸಿಡರ್ ಆಗಿ ನೇಮಕ ಮಾಡಿಕೊಂಡಿದೆ.

ದಕ್ಷಿಣ ಆಫ್ರಿಕಾ, ಈಜಿಪ್ಟ್, ಬಾಂಗ್ಲಾದೇಶ, ಟರ್ಕಿ ಮತ್ತು ನ್ಯೂಜಿಲೆಂಡ್ ದೇಶಗಳಲ್ಲಿ ಹೊಸ ಮಾರುಕಟ್ಟೆಗಳನ್ನು ಪ್ರವೇಶಿಸುವತ್ತ ಗಮನ ಹರಿಸಿದೆ.

ನಾಳೆ ಮೈಸೂರಲ್ಲಿ ಜೆಡಿಎಸ್ ಕಾರ್ಯಕರ್ತರ ಸಭೆ

ಮೈಸೂರು, ಏ.23(ಪಿಎಂ)–ವಿಧಾನಸಭಾ ಚುನಾವಣೆಯ ಹಿನ್ನೆಲೆಯಲ್ಲಿ ಏ.25ರಂದು ಜೆಡಿಎಸ್ ಪಕ್ಷದ ವತಿಯಿಂದ ಚಾಮರಾಜ ಕ್ಷೇತ್ರ ಮತ್ತು ಕೃಷ್ಣರಾಜ ಕ್ಷೇತ್ರದ ಪಕ್ಷದ ಮುಖಂಡರು ಹಾಗೂ ಕಾರ್ಯಕರ್ತರ ಸಭೆ ಹಮ್ಮಿಕೊಳ್ಳಲಾಗಿದೆ.

ಮೈಸೂರು, ಏ.23(ಪಿಎಂ)–ವಿಧಾನಸಭಾ ಚುನಾವಣೆಯ ಹಿನ್ನೆಲೆಯಲ್ಲಿ ಏ.25ರಂದು ಜೆಡಿಎಸ್ ಪಕ್ಷದ ವತಿಯಿಂದ ಚಾಮರಾಜ ಕ್ಷೇತ್ರ ಮತ್ತು ಕೃಷ್ಣರಾಜ ಕ್ಷೇತ್ರದ ಪಕ್ಷದ ಮುಖಂಡರು ಹಾಗೂ ಕಾರ್ಯಕರ್ತರ ಸಭೆ ಹಮ್ಮಿಕೊಳ್ಳಲಾಗಿದೆ.

ಮೈಸೂರು, ಏ.23(ಪಿಎಂ)–ವಿಧಾನಸಭಾ ಚುನಾವಣೆಯ ಹಿನ್ನೆಲೆಯಲ್ಲಿ ಏ.25ರಂದು ಜೆಡಿಎಸ್ ಪಕ್ಷದ ವತಿಯಿಂದ ಚಾಮರಾಜ ಕ್ಷೇತ್ರ ಮತ್ತು ಕೃಷ್ಣರಾಜ ಕ್ಷೇತ್ರದ ಪಕ್ಷದ ಮುಖಂಡರು ಹಾಗೂ ಕಾರ್ಯಕರ್ತರ ಸಭೆ ಹಮ್ಮಿಕೊಳ್ಳಲಾಗಿದೆ.

ಮೈಸೂರು, ಏ.23(ಪಿಎಂ)–ವಿಧಾನಸಭಾ ಚುನಾವಣೆಯ ಹಿನ್ನೆಲೆಯಲ್ಲಿ ಏ.25ರಂದು ಜೆಡಿಎಸ್ ಪಕ್ಷದ ವತಿಯಿಂದ ಚಾಮರಾಜ ಕ್ಷೇತ್ರ ಮತ್ತು ಕೃಷ್ಣರಾಜ ಕ್ಷೇತ್ರದ ಪಕ್ಷದ ಮುಖಂಡರು ಹಾಗೂ ಕಾರ್ಯಕರ್ತರ ಸಭೆ ಹಮ್ಮಿಕೊಳ್ಳಲಾಗಿದೆ.

ಮೈಸೂರು, ಏ.23(ಪಿಎಂ)–ವಿಧಾನಸಭಾ ಚುನಾವಣೆಯ ಹಿನ್ನೆಲೆಯಲ್ಲಿ ಏ.25ರಂದು ಜೆಡಿಎಸ್ ಪಕ್ಷದ ವತಿಯಿಂದ ಚಾಮರಾಜ ಕ್ಷೇತ್ರ ಮತ್ತು ಕೃಷ್ಣರಾಜ ಕ್ಷೇತ್ರದ ಪಕ್ಷದ ಮುಖಂಡರು ಹಾಗೂ ಕಾರ್ಯಕರ್ತರ ಸಭೆ ಹಮ್ಮಿಕೊಳ್ಳಲಾಗಿದೆ.

ಮೈಸೂರು, ಏ.23(ಪಿಎಂ)–ವಿಧಾನಸಭಾ ಚುನಾವಣೆಯ ಹಿನ್ನೆಲೆಯಲ್ಲಿ ಏ.25ರಂದು ಜೆಡಿಎಸ್ ಪಕ್ಷದ ವತಿಯಿಂದ ಚಾಮರಾಜ ಕ್ಷೇತ್ರ ಮತ್ತು ಕೃಷ್ಣರಾಜ ಕ್ಷೇತ್ರದ ಪಕ್ಷದ ಮುಖಂಡರು ಹಾಗೂ ಕಾರ್ಯಕರ್ತರ ಸಭೆ ಹಮ್ಮಿಕೊಳ್ಳಲಾಗಿದೆ.

ಚಾಮುಂಡೇಶ್ವರಿ ಕ್ಷೇತ್ರದ ಕಾಂಗ್ರೆಸ್ ಅಭ್ಯರ್ಥಿ ಪರ ವಕೀಲರ ಸಂಘದ ಸದಸ್ಯರು ಮತಯಾಚನೆ ಮಾಡಿದರು. ಸ್ವಾಮಿ, ಕಾರ್ಯದರ್ಶಿ ಉಮೇಶ್, ಹಿರಿಯ ವಕೀಲರಾದ ಶಿವಣ್ಣ, ಬಸವರಾಜು, ರಾಮಕೃಷ್ಣ, ಸುರೇಶ್, ಸುನೀಲ್, ಸವಿತ ಕಾಳೆ, ಮೈಸೂರು ಬಸವಣ್ಣ ಇನ್ನಿತರರಿದ್ದಾರೆ.
ಡಾ.ರಾಜ್ ಮರೆಯಲಾಗದ ಮಾಣಿಕ್ಯ
ಡಾ.ರಾಜ್ ಗಾನ ಸವಿ ಸಂಜೆ ಹಾಗೂ ಅಭಿನಂದನಾ ಕಾರ್ಯಕ್ರಮದಲ್ಲಿ ಲಯನ್ ಕೆ. ದೇವೇಗೌಡ ಅಭಿಮತ

ಮೈಸೂರು, ಏ.23(ಜಿಎ)–ಡಾ.ರಾಜ್ ಕುಮಾರ್ ಅವರು ಭಾಷೆಯನ್ನು, ನಾಡನ್ನು ಪ್ರೀತಿಸಿದ ಮಹಾನ್ ಕಲಾವಿದ. ಅವರ ಕಲಾ ಸೇವೆ ಎಂದೆಂದಿಗೂ ಮರೆಯಲಾಗದ ಮಾಣಿಕ್ಯ ಎಂದು ಲಯನ್ ಕೆ. ದೇವೇಗೌಡ ಹೇಳಿದರು.

ಮೈಸೂರು, ಏ.23(ಜಿಎ)–ಡಾ.ರಾಜ್ ಕುಮಾರ್ ಅವರು ಭಾಷೆಯನ್ನು, ನಾಡನ್ನು ಪ್ರೀತಿಸಿದ ಮಹಾನ್ ಕಲಾವಿದ. ಅವರ ಕಲಾ ಸೇವೆ ಎಂದೆಂದಿಗೂ ಮರೆಯಲಾಗದ ಮಾಣಿಕ್ಯ ಎಂದು ಲಯನ್ ಕೆ. ದೇವೇಗೌಡ ಹೇಳಿದರು.

ಮೈಸೂರು, ಏ.23(ಜಿಎ)–ಡಾ.ರಾಜ್ ಕುಮಾರ್ ಅವರು ಭಾಷೆಯನ್ನು, ನಾಡನ್ನು ಪ್ರೀತಿಸಿದ ಮಹಾನ್ ಕಲಾವಿದ. ಅವರ ಕಲಾ ಸೇವೆ ಎಂದೆಂದಿಗೂ ಮರೆಯಲಾಗದ ಮಾಣಿಕ್ಯ ಎಂದು ಲಯನ್ ಕೆ. ದೇವೇಗೌಡ ಹೇಳಿದರು.

ಮೈಸೂರು, ಏ.23(ಜಿಎ)–ಡಾ.ರಾಜ್ ಕುಮಾರ್ ಅವರು ಭಾಷೆಯನ್ನು, ನಾಡನ್ನು ಪ್ರೀತಿಸಿದ ಮಹಾನ್ ಕಲಾವಿದ. ಅವರ ಕಲಾ ಸೇವೆ ಎಂದೆಂದಿಗೂ ಮರೆಯಲಾಗದ ಮಾಣಿಕ್ಯ ಎಂದು ಲಯನ್ ಕೆ. ದೇವೇಗೌಡ ಹೇಳಿದರು.

ಮೈಸೂರು, ಏ.23(ಜಿಎ)–ಡಾ.ರಾಜ್ ಕುಮಾರ್ ಅವರು ಭಾಷೆಯನ್ನು, ನಾಡನ್ನು ಪ್ರೀತಿಸಿದ ಮಹಾನ್ ಕಲಾವಿದ. ಅವರ ಕಲಾ ಸೇವೆ ಎಂದೆಂದಿಗೂ ಮರೆಯಲಾಗದ ಮಾಣಿಕ್ಯ ಎಂದು ಲಯನ್ ಕೆ. ದೇವೇಗೌಡ ಹೇಳಿದರು.

ಮೈಸೂರು, ಏ.23(ಜಿಎ)–ಡಾ.ರಾಜ್ ಕುಮಾರ್ ಅವರು ಭಾಷೆಯನ್ನು, ನಾಡನ್ನು ಪ್ರೀತಿಸಿದ ಮಹಾನ್ ಕಲಾವಿದ. ಅವರ ಕಲಾ ಸೇವೆ ಎಂದೆಂದಿಗೂ ಮರೆಯಲಾಗದ ಮಾಣಿಕ್ಯ ಎಂದು ಲಯನ್ ಕೆ. ದೇವೇಗೌಡ ಹೇಳಿದರು.

ಬೀಳುತ್ತಿಲ್ಲ. ಹಿತ್ತಲಗಿಡ ಮದ್ದಲ್ಲ ಎನ್ನುವಂತೆ ನಮ್ಮವರನ್ನು ನಾವು ಗುರುತಿಸುತ್ತಿಲ್ಲ ಎಂದು ವಿಷಾದಿಸಿದರು.

ಬೀಳುತ್ತಿಲ್ಲ. ಹಿತ್ತಲಗಿಡ ಮದ್ದಲ್ಲ ಎನ್ನುವಂತೆ ನಮ್ಮವರನ್ನು ನಾವು ಗುರುತಿಸುತ್ತಿಲ್ಲ ಎಂದು ವಿಷಾದಿಸಿದರು.

ಬೀಳುತ್ತಿಲ್ಲ. ಹಿತ್ತಲಗಿಡ ಮದ್ದಲ್ಲ ಎನ್ನುವಂತೆ ನಮ್ಮವರನ್ನು ನಾವು ಗುರುತಿಸುತ್ತಿಲ್ಲ ಎಂದು ವಿಷಾದಿಸಿದರು.

ಬೀಳುತ್ತಿಲ್ಲ. ಹಿತ್ತಲಗಿಡ ಮದ್ದಲ್ಲ ಎನ್ನುವಂತೆ ನಮ್ಮವರನ್ನು ನಾವು ಗುರುತಿಸುತ್ತಿಲ್ಲ ಎಂದು ವಿಷಾದಿಸಿದರು.

ಬೀಳುತ್ತಿಲ್ಲ. ಹಿತ್ತಲಗಿಡ ಮದ್ದಲ್ಲ ಎನ್ನುವಂತೆ ನಮ್ಮವರನ್ನು ನಾವು ಗುರುತಿಸುತ್ತಿಲ್ಲ ಎಂದು ವಿಷಾದಿಸಿದರು.

ಬೀಳುತ್ತಿಲ್ಲ. ಹಿತ್ತಲಗಿಡ ಮದ್ದಲ್ಲ ಎನ್ನುವಂತೆ ನಮ್ಮವರನ್ನು ನಾವು ಗುರುತಿಸುತ್ತಿಲ್ಲ ಎಂದು ವಿಷಾದಿಸಿದರು.

ಬೀಳುತ್ತಿಲ್ಲ. ಹಿತ್ತಲಗಿಡ ಮದ್ದಲ್ಲ ಎನ್ನುವಂತೆ ನಮ್ಮವರನ್ನು ನಾವು ಗುರುತಿಸುತ್ತಿಲ್ಲ ಎಂದು ವಿಷಾದಿಸಿದರು.

ಬೀಳುತ್ತಿಲ್ಲ. ಹಿತ್ತಲಗಿಡ ಮದ್ದಲ್ಲ ಎನ್ನುವಂತೆ ನಮ್ಮವರನ್ನು ನಾವು ಗುರುತಿಸುತ್ತಿಲ್ಲ ಎಂದು ವಿಷಾದಿಸಿದರು.

ಬೀಳುತ್ತಿಲ್ಲ. ಹಿತ್ತಲಗಿಡ ಮದ್ದಲ್ಲ ಎನ್ನುವಂತೆ ನಮ್ಮವರನ್ನು ನಾವು ಗುರುತಿಸುತ್ತಿಲ್ಲ ಎಂದು ವಿಷಾದಿಸಿದರು.

ಬೀಳುತ್ತಿಲ್ಲ. ಹಿತ್ತಲಗಿಡ ಮದ್ದಲ್ಲ ಎನ್ನುವಂತೆ ನಮ್ಮವರನ್ನು ನಾವು ಗುರುತಿಸುತ್ತಿಲ್ಲ ಎಂದು ವಿಷಾದಿಸಿದರು.

ಬೀಳುತ್ತಿಲ್ಲ. ಹಿತ್ತಲಗಿಡ ಮದ್ದಲ್ಲ ಎನ್ನುವಂತೆ ನಮ್ಮವರನ್ನು ನಾವು ಗುರುತಿಸುತ್ತಿಲ್ಲ ಎಂದು ವಿಷಾದಿಸಿದರು.

ನಾಳೆ ವಿಶ್ವ ಮಲೇರಿಯಾ ದಿನ

ಮೈಸೂರು, ಏ.23– ಜಿಲ್ಲಾ ಆರೋಗ್ಯ ಮತ್ತು ಕುಟುಂಬ ಕಲ್ಯಾಣ ಇಲಾಖೆಯ ವತಿಯಿಂದ ಏ.25ರಂದು ವಿಶ್ವ ಮಲೇರಿಯಾ ದಿನಾಚರಣೆ ಕಾರ್ಯಕ್ರಮ ಹಮ್ಮಿಕೊಳ್ಳಲಾಗಿದೆ.

ಮೈಸೂರು, ಏ.23– ಜಿಲ್ಲಾ ಆರೋಗ್ಯ ಮತ್ತು ಕುಟುಂಬ ಕಲ್ಯಾಣ ಇಲಾಖೆಯ ವತಿಯಿಂದ ಏ.25ರಂದು ವಿಶ್ವ ಮಲೇರಿಯಾ ದಿನಾಚರಣೆ ಕಾರ್ಯಕ್ರಮ ಹಮ್ಮಿಕೊಳ್ಳಲಾಗಿದೆ.

ಮೈಸೂರು, ಏ.23– ಜಿಲ್ಲಾ ಆರೋಗ್ಯ ಮತ್ತು ಕುಟುಂಬ ಕಲ್ಯಾಣ ಇಲಾಖೆಯ ವತಿಯಿಂದ ಏ.25ರಂದು ವಿಶ್ವ ಮಲೇರಿಯಾ ದಿನಾಚರಣೆ ಕಾರ್ಯಕ್ರಮ ಹಮ್ಮಿಕೊಳ್ಳಲಾಗಿದೆ.

ಇಂದು ವಿದ್ಯುತ್ ವ್ಯತ್ಯಯ

ಮೈಸೂರು. ಏ.23– ನಾಚನಹಳ್ಳಿ ಫೀಡರ್‌ನಲ್ಲಿ ತುರ್ತು ಕಾರ್ಯ ನಿಮಿತ್ತ ಏ.24ರಂದು ನಾಚನಹಳ್ಳಿ ಪಾಳ್ಯ, ಕವಿತಾ ಬಡಾವಣೆ ಸುತ್ತಮುತ್ತಲ ಪ್ರದೇಶಗಳಲ್ಲಿ ವಿದ್ಯುತ್ ವ್ಯತ್ಯಯವಾಗಲಿದೆ.

ಮೈಸೂರು. ಏ.23– ನಾಚನಹಳ್ಳಿ ಫೀಡರ್‌ನಲ್ಲಿ ತುರ್ತು ಕಾರ್ಯ ನಿಮಿತ್ತ ಏ.24ರಂದು ನಾಚನಹಳ್ಳಿ ಪಾಳ್ಯ, ಕವಿತಾ ಬಡಾವಣೆ ಸುತ್ತಮುತ್ತಲ ಪ್ರದೇಶಗಳಲ್ಲಿ ವಿದ್ಯುತ್ ವ್ಯತ್ಯಯವಾಗಲಿದೆ.

ಮೈಸೂರು. ಏ.23– ನಾಚನಹಳ್ಳಿ ಫೀಡರ್‌ನಲ್ಲಿ ತುರ್ತು ಕಾರ್ಯ ನಿಮಿತ್ತ ಏ.24ರಂದು ನಾಚನಹಳ್ಳಿ ಪಾಳ್ಯ, ಕವಿತಾ ಬಡಾವಣೆ ಸುತ್ತಮುತ್ತಲ ಪ್ರದೇಶಗಳಲ್ಲಿ ವಿದ್ಯುತ್ ವ್ಯತ್ಯಯವಾಗಲಿದೆ.

ಮೈಸೂರು. ಏ.23– ನಾಚನಹಳ್ಳಿ ಫೀಡರ್‌ನಲ್ಲಿ ತುರ್ತು ಕಾರ್ಯ ನಿಮಿತ್ತ ಏ.24ರಂದು ನಾಚನಹಳ್ಳಿ ಪಾಳ್ಯ, ಕವಿತಾ ಬಡಾವಣೆ ಸುತ್ತಮುತ್ತಲ ಪ್ರದೇಶಗಳಲ್ಲಿ ವಿದ್ಯುತ್ ವ್ಯತ್ಯಯವಾಗಲಿದೆ.

ಬಿಜೆಪಿ ಅಭ್ಯರ್ಥಿ ಶ್ರೀವತ್ಸ ಪರ ರಾಮದಾಸ್ ಪ್ರಚಾರ

ಮೈಸೂರು,ಏ.23(ಎಂಟಿವೈ)– ಕೆ.ಆರ್. ಕ್ಷೇತ್ರದ ಬಿಜೆಪಿ ಅಭ್ಯರ್ಥಿ ಟಿ.ಎಸ್.ಶ್ರೀವತ್ಸ ಪರವಾಗಿ ಶಾಸಕ ಎಸ್.ಎ.ರಾಮದಾಸ್ ಪ್ರಚಾರ ನಡೆಸಿ ಮತಯಾಚಿಸಿದರು.

ಮೇಯರ್ ಶಿವಕುಮಾರ್ ಹಾಗೂ ಸ್ಥಳೀಯ ಕಾರ್ಯಕರ್ತರೊಂದಿಗೆ 47ನೇ ವಾರ್ಡಿನ ವ್ಯಾಪ್ತಿಯ ಕುವೆಂಪುನಗರದ ಕುಮುದ ಉದ್ಯಾನವನದಿಂದ ಪ್ರಚಾರ ಆರಂಭಿಸಿದರು.

ಸಲು ಮತ್ತು ಕೇಂದ್ರ ಮತ್ತು ರಾಜ್ಯ ಸರ್ಕಾರ ಜಾರಿಗೆ ತಂದಿರುವ ಯೋಜನೆಗಳನ್ನು ಮನಗಂಡು ಈ ಬಾರಿ ಬಿಜೆಪಿಗೆ ಮತ ನೀಡುವಂತೆ ನಿವಾಸಿಗಳಲ್ಲಿ ಮತ ಯಾಚಿಸಿದರು.

ಮೈಸೂರು,ಏ.23(ಎಂಟಿವೈ)– ಕೆ.ಆರ್. ಕ್ಷೇತ್ರದ ಬಿಜೆಪಿ ಅಭ್ಯರ್ಥಿ ಟಿ.ಎಸ್.ಶ್ರೀವತ್ಸ ಪರವಾಗಿ ಶಾಸಕ ಎಸ್.ಎ.ರಾಮದಾಸ್ ಪ್ರಚಾರ ನಡೆಸಿ ಮತಯಾಚಿಸಿದರು.

ಮೈಸೂರು,ಏ.23(ಎಂಟಿವೈ)– ಕೆ.ಆರ್. ಕ್ಷೇತ್ರದ ಬಿಜೆಪಿ ಅಭ್ಯರ್ಥಿ ಟಿ.ಎಸ್.ಶ್ರೀವತ್ಸ ಪರವಾಗಿ ಶಾಸಕ ಎಸ್.ಎ.ರಾಮದಾಸ್ ಪ್ರಚಾರ ನಡೆಸಿ ಮತಯಾಚಿಸಿದರು.

ಮೇಯರ್ ಶಿವಕುಮಾರ್ ಹಾಗೂ ಸ್ಥಳೀಯ ಕಾರ್ಯಕರ್ತರೊಂದಿಗೆ 47ನೇ ವಾರ್ಡಿನ ವ್ಯಾಪ್ತಿಯ ಕುವೆಂಪುನಗರದ ಕುಮುದ ಉದ್ಯಾನವನದಿಂದ ಪ್ರಚಾರ ಆರಂಭಿಸಿದರು.

ಸಲು ಮತ್ತು ಕೇಂದ್ರ ಮತ್ತು ರಾಜ್ಯ ಸರ್ಕಾರ ಜಾರಿಗೆ ತಂದಿರುವ ಯೋಜನೆಗಳನ್ನು ಮನಗಂಡು ಈ ಬಾರಿ ಬಿಜೆಪಿಗೆ ಮತ ನೀಡುವಂತೆ ನಿವಾಸಿಗಳಲ್ಲಿ ಮತ ಯಾಚಿಸಿದರು.

ಮೈಸೂರು,ಏ.23(ಎಂಟಿವೈ)– ಕೆ.ಆರ್. ಕ್ಷೇತ್ರದ ಬಿಜೆಪಿ ಅಭ್ಯರ್ಥಿ ಟಿ.ಎಸ್.ಶ್ರೀವತ್ಸ ಪರವಾಗಿ ಶಾಸಕ ಎಸ್.ಎ.ರಾಮದಾಸ್ ಪ್ರಚಾರ ನಡೆಸಿ ಮತಯಾಚಿಸಿದರು.

ಮೈಸೂರು,ಏ.23(ಎಂಟಿವೈ)– ಕೆ.ಆರ್. ಕ್ಷೇತ್ರದ ಬಿಜೆಪಿ ಅಭ್ಯರ್ಥಿ ಟಿ.ಎಸ್.ಶ್ರೀವತ್ಸ ಪರವಾಗಿ ಶಾಸಕ ಎಸ್.ಎ.ರಾಮದಾಸ್ ಪ್ರಚಾರ ನಡೆಸಿ ಮತಯಾಚಿಸಿದರು.

ಮೇಯರ್ ಶಿವಕುಮಾರ್ ಹಾಗೂ ಸ್ಥಳೀಯ ಕಾರ್ಯಕರ್ತರೊಂದಿಗೆ 47ನೇ ವಾರ್ಡಿನ ವ್ಯಾಪ್ತಿಯ ಕುವೆಂಪುನಗರದ ಕುಮುದ ಉದ್ಯಾನವನದಿಂದ ಪ್ರಚಾರ ಆರಂಭಿಸಿದರು.

ಸಲು ಮತ್ತು ಕೇಂದ್ರ ಮತ್ತು ರಾಜ್ಯ ಸರ್ಕಾರ ಜಾರಿಗೆ ತಂದಿರುವ ಯೋಜನೆಗಳನ್ನು ಮನಗಂಡು ಈ ಬಾರಿ ಬಿಜೆಪಿಗೆ ಮತ ನೀಡುವಂತೆ ನಿವಾಸಿಗಳಲ್ಲಿ ಮತ ಯಾಚಿಸಿದರು.

ಮೈಸೂರು,ಏ.23(ಎಂಟಿವೈ)– ಕೆ.ಆರ್. ಕ್ಷೇತ್ರದ ಬಿಜೆಪಿ ಅಭ್ಯರ್ಥಿ ಟಿ.ಎಸ್.ಶ್ರೀವತ್ಸ ಪರವಾಗಿ ಶಾಸಕ ಎಸ್.ಎ.ರಾಮದಾಸ್ ಪ್ರಚಾರ ನಡೆಸಿ ಮತಯಾಚಿಸಿದರು.

ಕೆ.ಪುಟ್ಟಸ್ವಾಮಿ ಪದವಿಪೂರ್ವ ಕಾಲೇಜಿಗೆ ಶೇ.100 ಫಲಿತಾಂಶ

ಮೈಸೂರು,ಏ.23–ಮೈಸೂರಿನ ಗೋಕುಲಂ 3ನೇ ಹಂತದಲ್ಲಿರುವ ಕೆ.ಪುಟ್ಟಸ್ವಾಮಿ ಪದವಿ ಪೂರ್ವ ಕಾಲೇಜಿಗೆ ಈ ಸಾಲಿನ ದ್ವಿತೀಯ ಪಿಯುಸಿ ಪರೀಕ್ಷೆಯಲ್ಲಿ ಶೇ.100 ಫಲಿತಾಂಶ ಬಂದಿದೆ.

ಮೈಸೂರು,ಏ.23–ಮೈಸೂರಿನ ಗೋಕುಲಂ 3ನೇ ಹಂತದಲ್ಲಿರುವ ಕೆ.ಪುಟ್ಟಸ್ವಾಮಿ ಪದವಿ ಪೂರ್ವ ಕಾಲೇಜಿಗೆ ಈ ಸಾಲಿನ ದ್ವಿತೀಯ ಪಿಯುಸಿ ಪರೀಕ್ಷೆಯಲ್ಲಿ ಶೇ.100 ಫಲಿತಾಂಶ ಬಂದಿದೆ.

ಮೈಸೂರು,ಏ.23–ಮೈಸೂರಿನ ಗೋಕುಲಂ 3ನೇ ಹಂತದಲ್ಲಿರುವ ಕೆ.ಪುಟ್ಟಸ್ವಾಮಿ ಪದವಿ ಪೂರ್ವ ಕಾಲೇಜಿಗೆ ಈ ಸಾಲಿನ ದ್ವಿತೀಯ ಪಿಯುಸಿ ಪರೀಕ್ಷೆಯಲ್ಲಿ ಶೇ.100 ಫಲಿತಾಂಶ ಬಂದಿದೆ.	ಮೋಹನಕುಮಾರಿ	ಮಧುಸೂದನ್

ಪರೀಕ್ಷೆಗೆ ಹಾಜರಾಗಿದ್ದು, ಅತ್ಯುನ್ನತ ಶ್ರೇಣಿಯಲ್ಲಿ –58, ಪ್ರಥಮ ದರ್ಜೆಯಲ್ಲಿ–60 ಮತ್ತು ದ್ವಿತೀಯ ದರ್ಜೆಯಲ್ಲಿ –2 ತೇರ್ಗಡೆಯಾಗಿದ್ದಾರೆ. ವಿಜ್ಞಾನ ವಿಭಾಗದಲ್ಲಿ ಮಧುಸೂದನ್–566 ಅಂಕ ಗಳಿಸಿದ್ದಾರೆ.

ಪರೀಕ್ಷೆಗೆ ಹಾಜರಾಗಿದ್ದು, ಅತ್ಯುನ್ನತ ಶ್ರೇಣಿಯಲ್ಲಿ –58, ಪ್ರಥಮ ದರ್ಜೆಯಲ್ಲಿ–60 ಮತ್ತು ದ್ವಿತೀಯ ದರ್ಜೆಯಲ್ಲಿ –2 ತೇರ್ಗಡೆಯಾಗಿದ್ದಾರೆ. ವಿಜ್ಞಾನ ವಿಭಾಗದಲ್ಲಿ ಮಧುಸೂದನ್–566 ಅಂಕ ಗಳಿಸಿದ್ದಾರೆ.

ಸರ್ಕಾರಿ ದೂರದರ್ಶನದಲ್ಲಿ ಭ್ರಷ್ಟಾಚಾರ
ಕುರಿತು ಪ್ರಸಾರ ಮಾಡದಂತಹ ಪರಿಸ್ಥಿತಿ
ಶ್ರೀ ಬಸವೇಶ್ವರ ಜಯಂತಿಯಲ್ಲಿ ಪ್ರೊ. ಡಿ.ಎಸ್.ಸದಾಶಿವಮೂರ್ತಿ ವಿಷಾದ
ರ ಜಯಂತ್ಯೋತ್ಸವ

ಮೈಸೂರು, ಏ.23(ಎಸ್‌ಪಿಎನ್)– ಖಾಸಗಿ ದೃಶ್ಯ ಮಾಧ್ಯಮಗಳಲ್ಲಿ ಭ್ರಷ್ಟಾಚಾರ ಕುರಿತು ಸಾಕಷ್ಟು ಕಾರ್ಯಕ್ರಮಗಳು ಪ್ರಸಾರವಾಗುತ್ತವೆ. ಆದರೆ, ಸರ್ಕಾರದ ವಾಹಿನಿ ದೂರದರ್ಶನದಲ್ಲಿ ಭ್ರಷ್ಟಾಚಾರ ಕುರಿತು ಪ್ರಸಾರವಾಗಲು ಸಾಧ್ಯವಿಲ್ಲದಂತಹ ಪರಿಸ್ಥಿತಿ ಇದೆ ಎಂದು ಪ್ರೊ.ಡಿ.ಎಸ್. ಸದಾಶಿವಮೂರ್ತಿ ವಿಷಾದಿಸಿದರು.

ಆಗಮಿಸಿ, ವಿಚಾರಣೆ ನಡೆಸಲು ಬಂದಿದ್ದು, ಬಸವಣ್ಣನವರ ಕುರಿತು ವ್ಯಂಗ್ಯ ಮಾಡಲು ಸಾಧ್ಯವಾಗದ ಘಟನೆಯನ್ನು ವಿವರಿಸಿದರು.

ಮೈಸೂರು, ಏ.23(ಎಸ್‌ಪಿಎನ್)– ಖಾಸಗಿ ದೃಶ್ಯ ಮಾಧ್ಯಮಗಳಲ್ಲಿ ಭ್ರಷ್ಟಾಚಾರ ಕುರಿತು ಸಾಕಷ್ಟು ಕಾರ್ಯಕ್ರಮಗಳು ಪ್ರಸಾರವಾಗುತ್ತವೆ. ಆದರೆ, ಸರ್ಕಾರದ ವಾಹಿನಿ ದೂರದರ್ಶನದಲ್ಲಿ ಭ್ರಷ್ಟಾಚಾರ ಕುರಿತು ಪ್ರಸಾರವಾಗಲು ಸಾಧ್ಯವಿಲ್ಲದಂತಹ ಪರಿಸ್ಥಿತಿ ಇದೆ ಎಂದು ಪ್ರೊ.ಡಿ.ಎಸ್. ಸದಾಶಿವಮೂರ್ತಿ ವಿಷಾದಿಸಿದರು.

ಆಗಮಿಸಿ, ವಿಚಾರಣೆ ನಡೆಸಲು ಬಂದಿದ್ದು, ಬಸವಣ್ಣನವರ ಕುರಿತು ವ್ಯಂಗ್ಯ ಮಾಡಲು ಸಾಧ್ಯವಾಗದ ಘಟನೆಯನ್ನು ವಿವರಿಸಿದರು.

ಮೈಸೂರು, ಏ.23(ಎಸ್‌ಪಿಎನ್)– ಖಾಸಗಿ ದೃಶ್ಯ ಮಾಧ್ಯಮಗಳಲ್ಲಿ ಭ್ರಷ್ಟಾಚಾರ ಕುರಿತು ಸಾಕಷ್ಟು ಕಾರ್ಯಕ್ರಮಗಳು ಪ್ರಸಾರವಾಗುತ್ತವೆ. ಆದರೆ, ಸರ್ಕಾರದ ವಾಹಿನಿ ದೂರದರ್ಶನದಲ್ಲಿ ಭ್ರಷ್ಟಾಚಾರ ಕುರಿತು ಪ್ರಸಾರವಾಗಲು ಸಾಧ್ಯವಿಲ್ಲದಂತಹ ಪರಿಸ್ಥಿತಿ ಇದೆ ಎಂದು ಪ್ರೊ.ಡಿ.ಎಸ್. ಸದಾಶಿವಮೂರ್ತಿ ವಿಷಾದಿಸಿದರು.

ಆಗಮಿಸಿ, ವಿಚಾರಣೆ ನಡೆಸಲು ಬಂದಿದ್ದು, ಬಸವಣ್ಣನವರ ಕುರಿತು ವ್ಯಂಗ್ಯ ಮಾಡಲು ಸಾಧ್ಯವಾಗದ ಘಟನೆಯನ್ನು ವಿವರಿಸಿದರು.

ಮೈಸೂರು, ಏ.23(ಎಸ್‌ಪಿಎನ್)– ಖಾಸಗಿ ದೃಶ್ಯ ಮಾಧ್ಯಮಗಳಲ್ಲಿ ಭ್ರಷ್ಟಾಚಾರ ಕುರಿತು ಸಾಕಷ್ಟು ಕಾರ್ಯಕ್ರಮಗಳು ಪ್ರಸಾರವಾಗುತ್ತವೆ. ಆದರೆ, ಸರ್ಕಾರದ ವಾಹಿನಿ ದೂರದರ್ಶನದಲ್ಲಿ ಭ್ರಷ್ಟಾಚಾರ ಕುರಿತು ಪ್ರಸಾರವಾಗಲು ಸಾಧ್ಯವಿಲ್ಲದಂತಹ ಪರಿಸ್ಥಿತಿ ಇದೆ ಎಂದು ಪ್ರೊ.ಡಿ.ಎಸ್. ಸದಾಶಿವಮೂರ್ತಿ ವಿಷಾದಿಸಿದರು.

ಆಗಮಿಸಿ, ವಿಚಾರಣೆ ನಡೆಸಲು ಬಂದಿದ್ದು, ಬಸವಣ್ಣನವರ ಕುರಿತು ವ್ಯಂಗ್ಯ ಮಾಡಲು ಸಾಧ್ಯವಾಗದ ಘಟನೆಯನ್ನು ವಿವರಿಸಿದರು.

ಮೈಸೂರು, ಏ.23(ಎಸ್‌ಪಿಎನ್)– ಖಾಸಗಿ ದೃಶ್ಯ ಮಾಧ್ಯಮಗಳಲ್ಲಿ ಭ್ರಷ್ಟಾಚಾರ ಕುರಿತು ಸಾಕಷ್ಟು ಕಾರ್ಯಕ್ರಮಗಳು ಪ್ರಸಾರವಾಗುತ್ತವೆ. ಆದರೆ, ಸರ್ಕಾರದ ವಾಹಿನಿ ದೂರದರ್ಶನದಲ್ಲಿ ಭ್ರಷ್ಟಾಚಾರ ಕುರಿತು ಪ್ರಸಾರವಾಗಲು ಸಾಧ್ಯವಿಲ್ಲದಂತಹ ಪರಿಸ್ಥಿತಿ ಇದೆ ಎಂದು ಪ್ರೊ.ಡಿ.ಎಸ್. ಸದಾಶಿವಮೂರ್ತಿ ವಿಷಾದಿಸಿದರು.

ಆಗಮಿಸಿ, ವಿಚಾರಣೆ ನಡೆಸಲು ಬಂದಿದ್ದು, ಬಸವಣ್ಣನವರ ಕುರಿತು ವ್ಯಂಗ್ಯ ಮಾಡಲು ಸಾಧ್ಯವಾಗದ ಘಟನೆಯನ್ನು ವಿವರಿಸಿದರು.

ಮೈಸೂರು, ಏ.23(ಎಸ್‌ಪಿಎನ್)– ಖಾಸಗಿ ದೃಶ್ಯ ಮಾಧ್ಯಮಗಳಲ್ಲಿ ಭ್ರಷ್ಟಾಚಾರ ಕುರಿತು ಸಾಕಷ್ಟು ಕಾರ್ಯಕ್ರಮಗಳು ಪ್ರಸಾರವಾಗುತ್ತವೆ. ಆದರೆ, ಸರ್ಕಾರದ ವಾಹಿನಿ ದೂರದರ್ಶನದಲ್ಲಿ ಭ್ರಷ್ಟಾಚಾರ ಕುರಿತು ಪ್ರಸಾರವಾಗಲು ಸಾಧ್ಯವಿಲ್ಲದಂತಹ ಪರಿಸ್ಥಿತಿ ಇದೆ ಎಂದು ಪ್ರೊ.ಡಿ.ಎಸ್. ಸದಾಶಿವಮೂರ್ತಿ ವಿಷಾದಿಸಿದರು.

ಆಗಮಿಸಿ, ವಿಚಾರಣೆ ನಡೆಸಲು ಬಂದಿದ್ದು, ಬಸವಣ್ಣನವರ ಕುರಿತು ವ್ಯಂಗ್ಯ ಮಾಡಲು ಸಾಧ್ಯವಾಗದ ಘಟನೆಯನ್ನು ವಿವರಿಸಿದರು.

ಮೈಸೂರು, ಏ.23(ಎಸ್‌ಪಿಎನ್)– ಖಾಸಗಿ ದೃಶ್ಯ ಮಾಧ್ಯಮಗಳಲ್ಲಿ ಭ್ರಷ್ಟಾಚಾರ ಕುರಿತು ಸಾಕಷ್ಟು ಕಾರ್ಯಕ್ರಮಗಳು ಪ್ರಸಾರವಾಗುತ್ತವೆ. ಆದರೆ, ಸರ್ಕಾರದ ವಾಹಿನಿ ದೂರದರ್ಶನದಲ್ಲಿ ಭ್ರಷ್ಟಾಚಾರ ಕುರಿತು ಪ್ರಸಾರವಾಗಲು ಸಾಧ್ಯವಿಲ್ಲದಂತಹ ಪರಿಸ್ಥಿತಿ ಇದೆ ಎಂದು ಪ್ರೊ.ಡಿ.ಎಸ್. ಸದಾಶಿವಮೂರ್ತಿ ವಿಷಾದಿಸಿದರು.

ಆಗಮಿಸಿ, ವಿಚಾರಣೆ ನಡೆಸಲು ಬಂದಿದ್ದು, ಬಸವಣ್ಣನವರ ಕುರಿತು ವ್ಯಂಗ್ಯ ಮಾಡಲು ಸಾಧ್ಯವಾಗದ ಘಟನೆಯನ್ನು ವಿವರಿಸಿದರು.

ಮೈಸೂರು, ಏ.23(ಎಸ್‌ಪಿಎನ್)– ಖಾಸಗಿ ದೃಶ್ಯ ಮಾಧ್ಯಮಗಳಲ್ಲಿ ಭ್ರಷ್ಟಾಚಾರ ಕುರಿತು ಸಾಕಷ್ಟು ಕಾರ್ಯಕ್ರಮಗಳು ಪ್ರಸಾರವಾಗುತ್ತವೆ. ಆದರೆ, ಸರ್ಕಾರದ ವಾಹಿನಿ ದೂರದರ್ಶನದಲ್ಲಿ ಭ್ರಷ್ಟಾಚಾರ ಕುರಿತು ಪ್ರಸಾರವಾಗಲು ಸಾಧ್ಯವಿಲ್ಲದಂತಹ ಪರಿಸ್ಥಿತಿ ಇದೆ ಎಂದು ಪ್ರೊ.ಡಿ.ಎಸ್. ಸದಾಶಿವಮೂರ್ತಿ ವಿಷಾದಿಸಿದರು.

ಆಗಮಿಸಿ, ವಿಚಾರಣೆ ನಡೆಸಲು ಬಂದಿದ್ದು, ಬಸವಣ್ಣನವರ ಕುರಿತು ವ್ಯಂಗ್ಯ ಮಾಡಲು ಸಾಧ್ಯವಾಗದ ಘಟನೆಯನ್ನು ವಿವರಿಸಿದರು.
